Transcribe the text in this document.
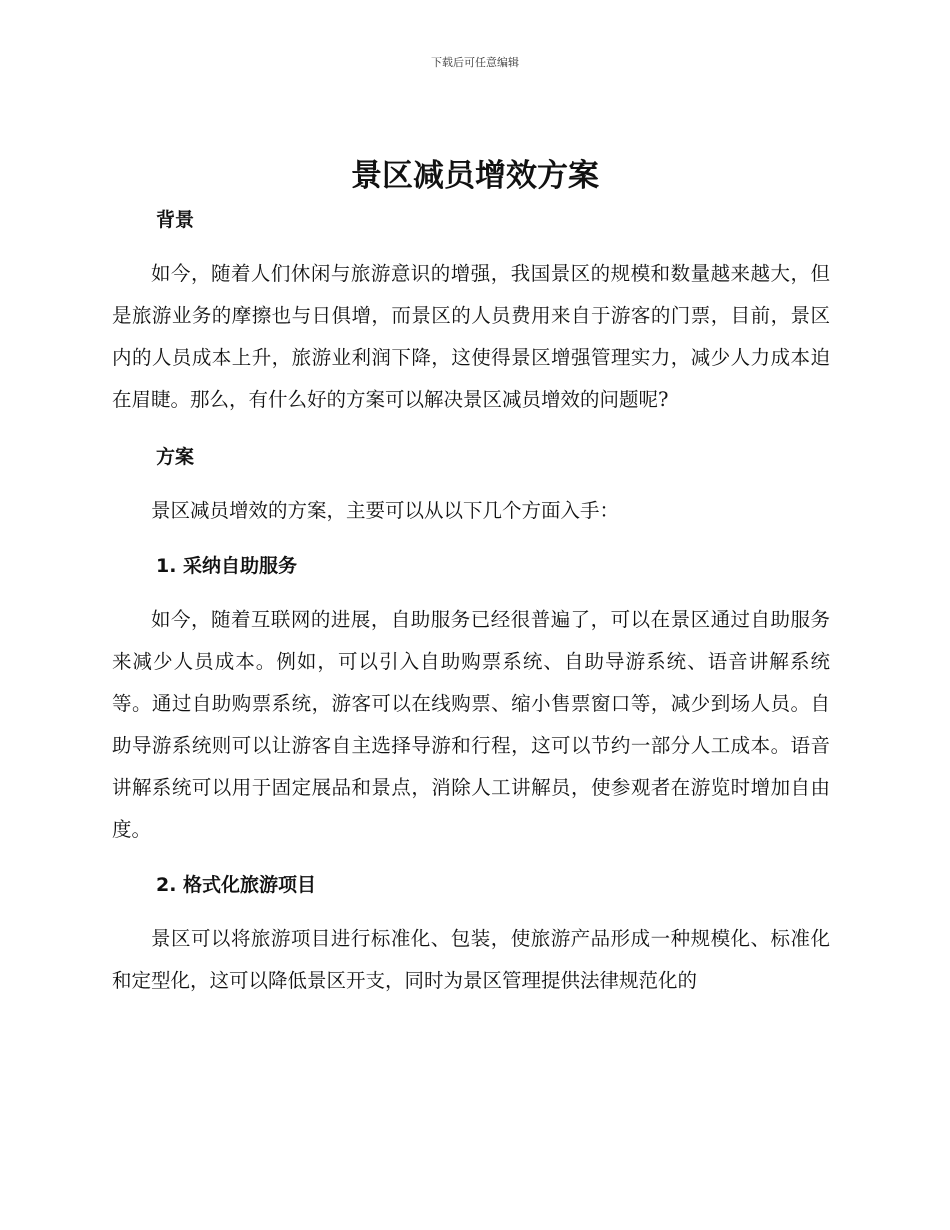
下载后可任意编辑
景区减员增效方案
背景

如今，随着人们休闲与旅游意识的增强，我国景区的规模和数量越来越大，但是旅游业务的摩擦也与日俱增，而景区的人员费用来自于游客的门票，目前，景区内的人员成本上升，旅游业利润下降，这使得景区增强管理实力，减少人力成本迫在眉睫。那么，有什么好的方案可以解决景区减员增效的问题呢?

方案

景区减员增效的方案，主要可以从以下几个方面入手：

1. 采纳自助服务

如今，随着互联网的进展，自助服务已经很普遍了，可以在景区通过自助服务来减少人员成本。例如，可以引入自助购票系统、自助导游系统、语音讲解系统等。通过自助购票系统，游客可以在线购票、缩小售票窗口等，减少到场人员。自助导游系统则可以让游客自主选择导游和行程，这可以节约一部分人工成本。语音讲解系统可以用于固定展品和景点，消除人工讲解员，使参观者在游览时增加自由度。

2. 格式化旅游项目

景区可以将旅游项目进行标准化、包装，使旅游产品形成一种规模化、标准化和定型化，这可以降低景区开支，同时为景区管理提供法律规范化的
